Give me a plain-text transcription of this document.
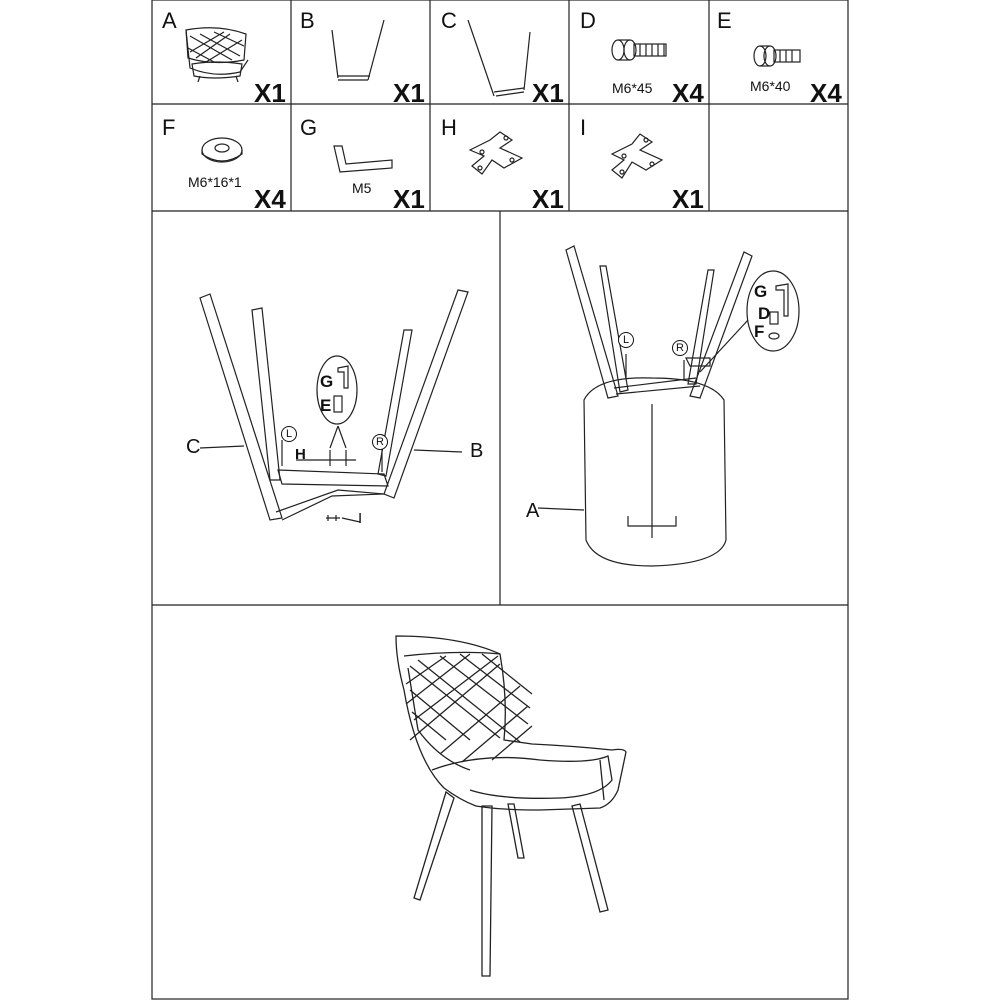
A
X1
B
X1
C
X1
D
M6*45 X4
E
M6*40 X4
F
M6*16*1
X4
G
M5 X1
H
X1
I
X1
C	B
H
I
G
E
L
R
A
G
D
F
L
R
